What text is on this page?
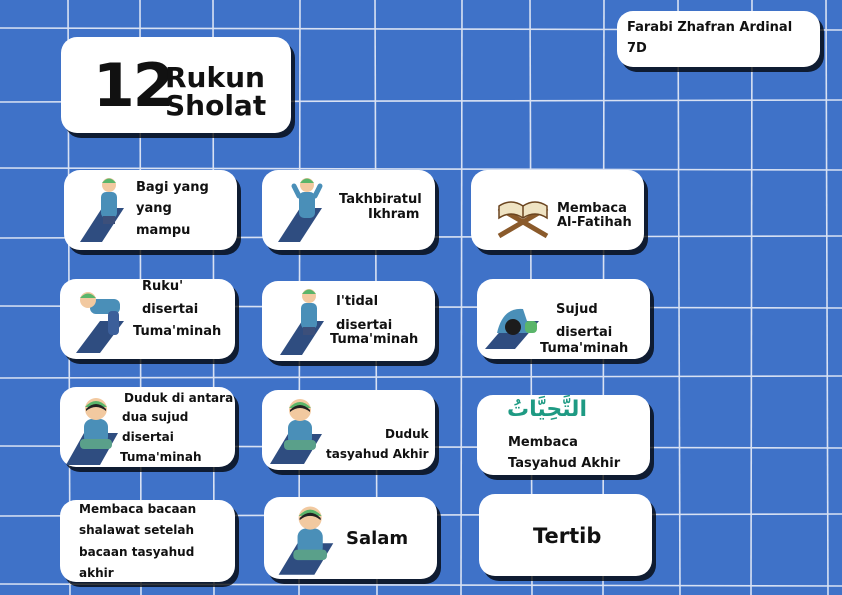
12
Rukun
Sholat
Farabi Zhafran Ardinal
7D
Bagi yang
yang
mampu
Takhbiratul
Ikhram	Membaca
Al-Fatihah
Ruku'
disertai
Tuma'minah
I'tidal
disertai
Tuma'minah
Sujud
disertai
Tuma'minah
Duduk di antara
dua sujud
disertai
Tuma'minah
Duduk
tasyahud Akhir
التَّحِيَّاتُ
Membaca
Tasyahud Akhir
Membaca bacaan
shalawat setelah
bacaan tasyahud
akhir
Salam	Tertib
